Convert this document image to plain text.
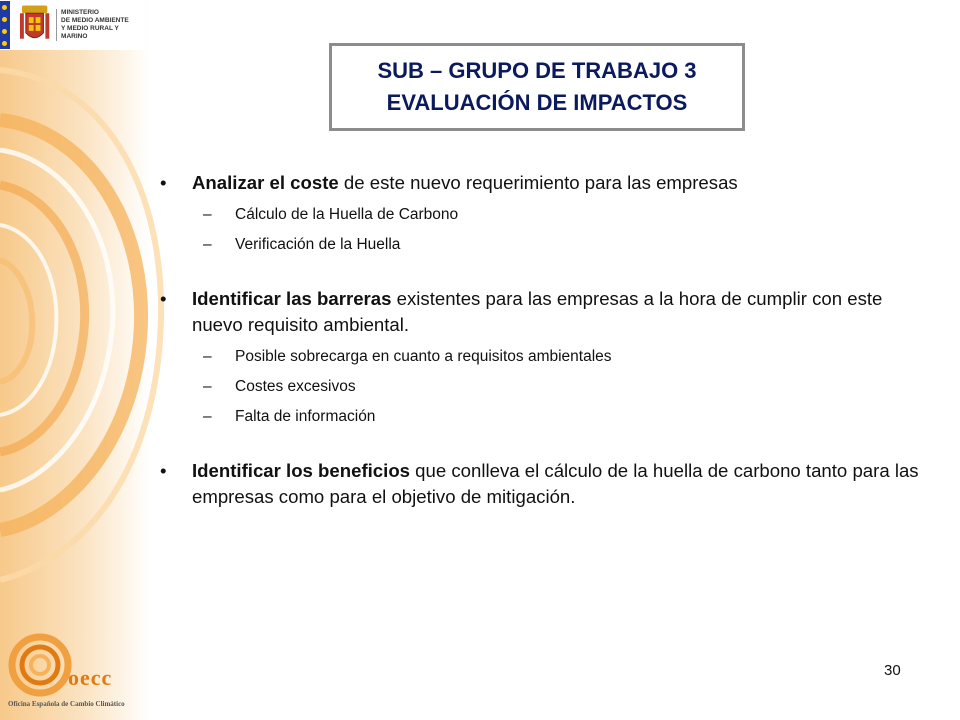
MINISTERIO
DE MEDIO AMBIENTE
Y MEDIO RURAL Y MARINO
SUB – GRUPO DE TRABAJO 3
EVALUACIÓN DE IMPACTOS
• Analizar el coste de este nuevo requerimiento para las empresas
– Cálculo de la Huella de Carbono
– Verificación de la Huella
• Identificar las barreras existentes para las empresas a la hora de cumplir con este nuevo requisito ambiental.
– Posible sobrecarga en cuanto a requisitos ambientales
– Costes excesivos
– Falta de información
• Identificar los beneficios que conlleva el cálculo de la huella de carbono tanto para las empresas como para el objetivo de mitigación.
30
oecc
Oficina Española de Cambio Climático
